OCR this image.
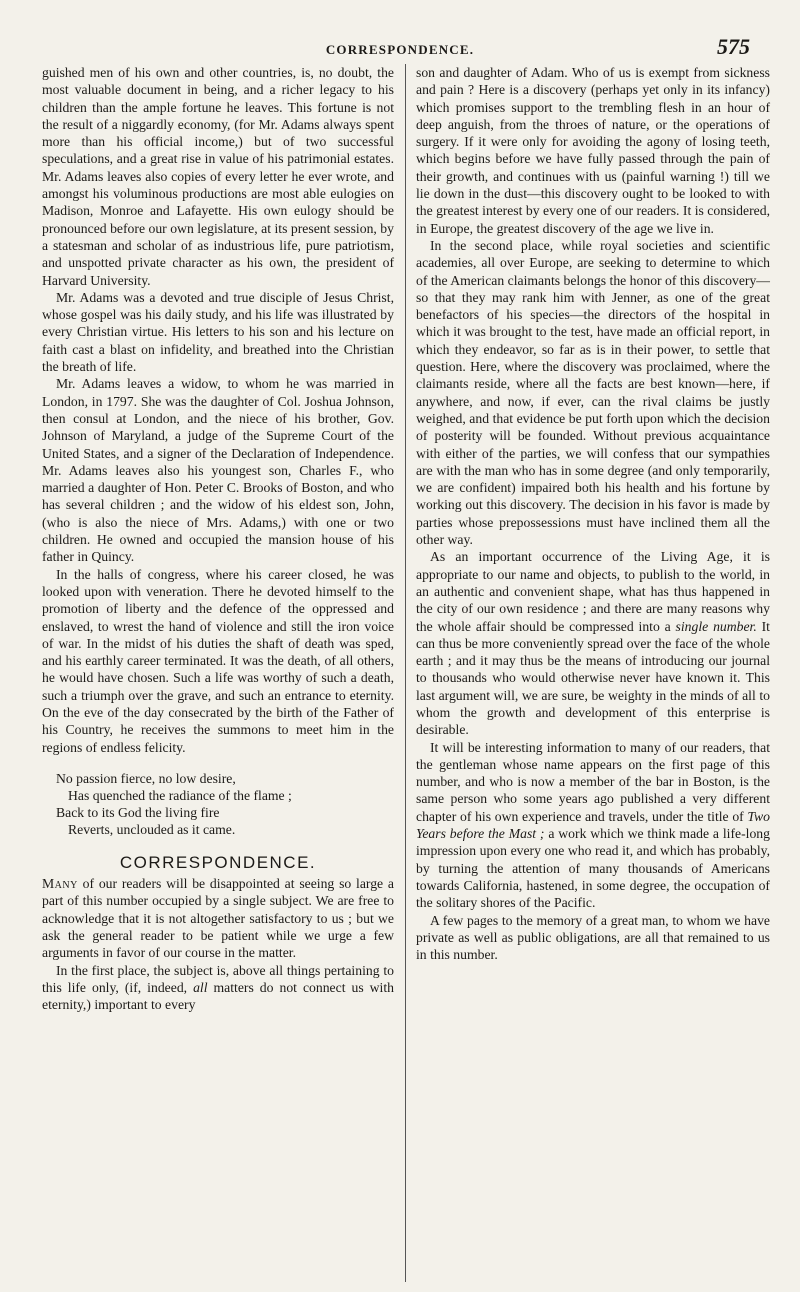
CORRESPONDENCE.	575

guished men of his own and other countries, is, no doubt, the most valuable document in being, and a richer legacy to his children than the ample fortune he leaves. This fortune is not the result of a niggardly economy, (for Mr. Adams always spent more than his official income,) but of two successful speculations, and a great rise in value of his patrimonial estates. Mr. Adams leaves also copies of every letter he ever wrote, and amongst his voluminous productions are most able eulogies on Madison, Monroe and Lafayette. His own eulogy should be pronounced before our own legislature, at its present session, by a statesman and scholar of as industrious life, pure patriotism, and unspotted private character as his own, the president of Harvard University.

Mr. Adams was a devoted and true disciple of Jesus Christ, whose gospel was his daily study, and his life was illustrated by every Christian virtue. His letters to his son and his lecture on faith cast a blast on infidelity, and breathed into the Christian the breath of life.

Mr. Adams leaves a widow, to whom he was married in London, in 1797. She was the daughter of Col. Joshua Johnson, then consul at London, and the niece of his brother, Gov. Johnson of Maryland, a judge of the Supreme Court of the United States, and a signer of the Declaration of Independence. Mr. Adams leaves also his youngest son, Charles F., who married a daughter of Hon. Peter C. Brooks of Boston, and who has several children ; and the widow of his eldest son, John, (who is also the niece of Mrs. Adams,) with one or two children. He owned and occupied the mansion house of his father in Quincy.

In the halls of congress, where his career closed, he was looked upon with veneration. There he devoted himself to the promotion of liberty and the defence of the oppressed and enslaved, to wrest the hand of violence and still the iron voice of war. In the midst of his duties the shaft of death was sped, and his earthly career terminated. It was the death, of all others, he would have chosen. Such a life was worthy of such a death, such a triumph over the grave, and such an entrance to eternity. On the eve of the day consecrated by the birth of the Father of his Country, he receives the summons to meet him in the regions of endless felicity.

No passion fierce, no low desire,
Has quenched the radiance of the flame ;
Back to its God the living fire
Reverts, unclouded as it came.
CORRESPONDENCE.

Many of our readers will be disappointed at seeing so large a part of this number occupied by a single subject. We are free to acknowledge that it is not altogether satisfactory to us ; but we ask the general reader to be patient while we urge a few arguments in favor of our course in the matter.

In the first place, the subject is, above all things pertaining to this life only, (if, indeed, all matters do not connect us with eternity,) important to every

son and daughter of Adam. Who of us is exempt from sickness and pain ? Here is a discovery (perhaps yet only in its infancy) which promises support to the trembling flesh in an hour of deep anguish, from the throes of nature, or the operations of surgery. If it were only for avoiding the agony of losing teeth, which begins before we have fully passed through the pain of their growth, and continues with us (painful warning !) till we lie down in the dust—this discovery ought to be looked to with the greatest interest by every one of our readers. It is considered, in Europe, the greatest discovery of the age we live in.

In the second place, while royal societies and scientific academies, all over Europe, are seeking to determine to which of the American claimants belongs the honor of this discovery—so that they may rank him with Jenner, as one of the great benefactors of his species—the directors of the hospital in which it was brought to the test, have made an official report, in which they endeavor, so far as is in their power, to settle that question. Here, where the discovery was proclaimed, where the claimants reside, where all the facts are best known—here, if anywhere, and now, if ever, can the rival claims be justly weighed, and that evidence be put forth upon which the decision of posterity will be founded. Without previous acquaintance with either of the parties, we will confess that our sympathies are with the man who has in some degree (and only temporarily, we are confident) impaired both his health and his fortune by working out this discovery. The decision in his favor is made by parties whose prepossessions must have inclined them all the other way.

As an important occurrence of the Living Age, it is appropriate to our name and objects, to publish to the world, in an authentic and convenient shape, what has thus happened in the city of our own residence ; and there are many reasons why the whole affair should be compressed into a single number. It can thus be more conveniently spread over the face of the whole earth ; and it may thus be the means of introducing our journal to thousands who would otherwise never have known it. This last argument will, we are sure, be weighty in the minds of all to whom the growth and development of this enterprise is desirable.

It will be interesting information to many of our readers, that the gentleman whose name appears on the first page of this number, and who is now a member of the bar in Boston, is the same person who some years ago published a very different chapter of his own experience and travels, under the title of Two Years before the Mast ; a work which we think made a life-long impression upon every one who read it, and which has probably, by turning the attention of many thousands of Americans towards California, hastened, in some degree, the occupation of the solitary shores of the Pacific.

A few pages to the memory of a great man, to whom we have private as well as public obligations, are all that remained to us in this number.
